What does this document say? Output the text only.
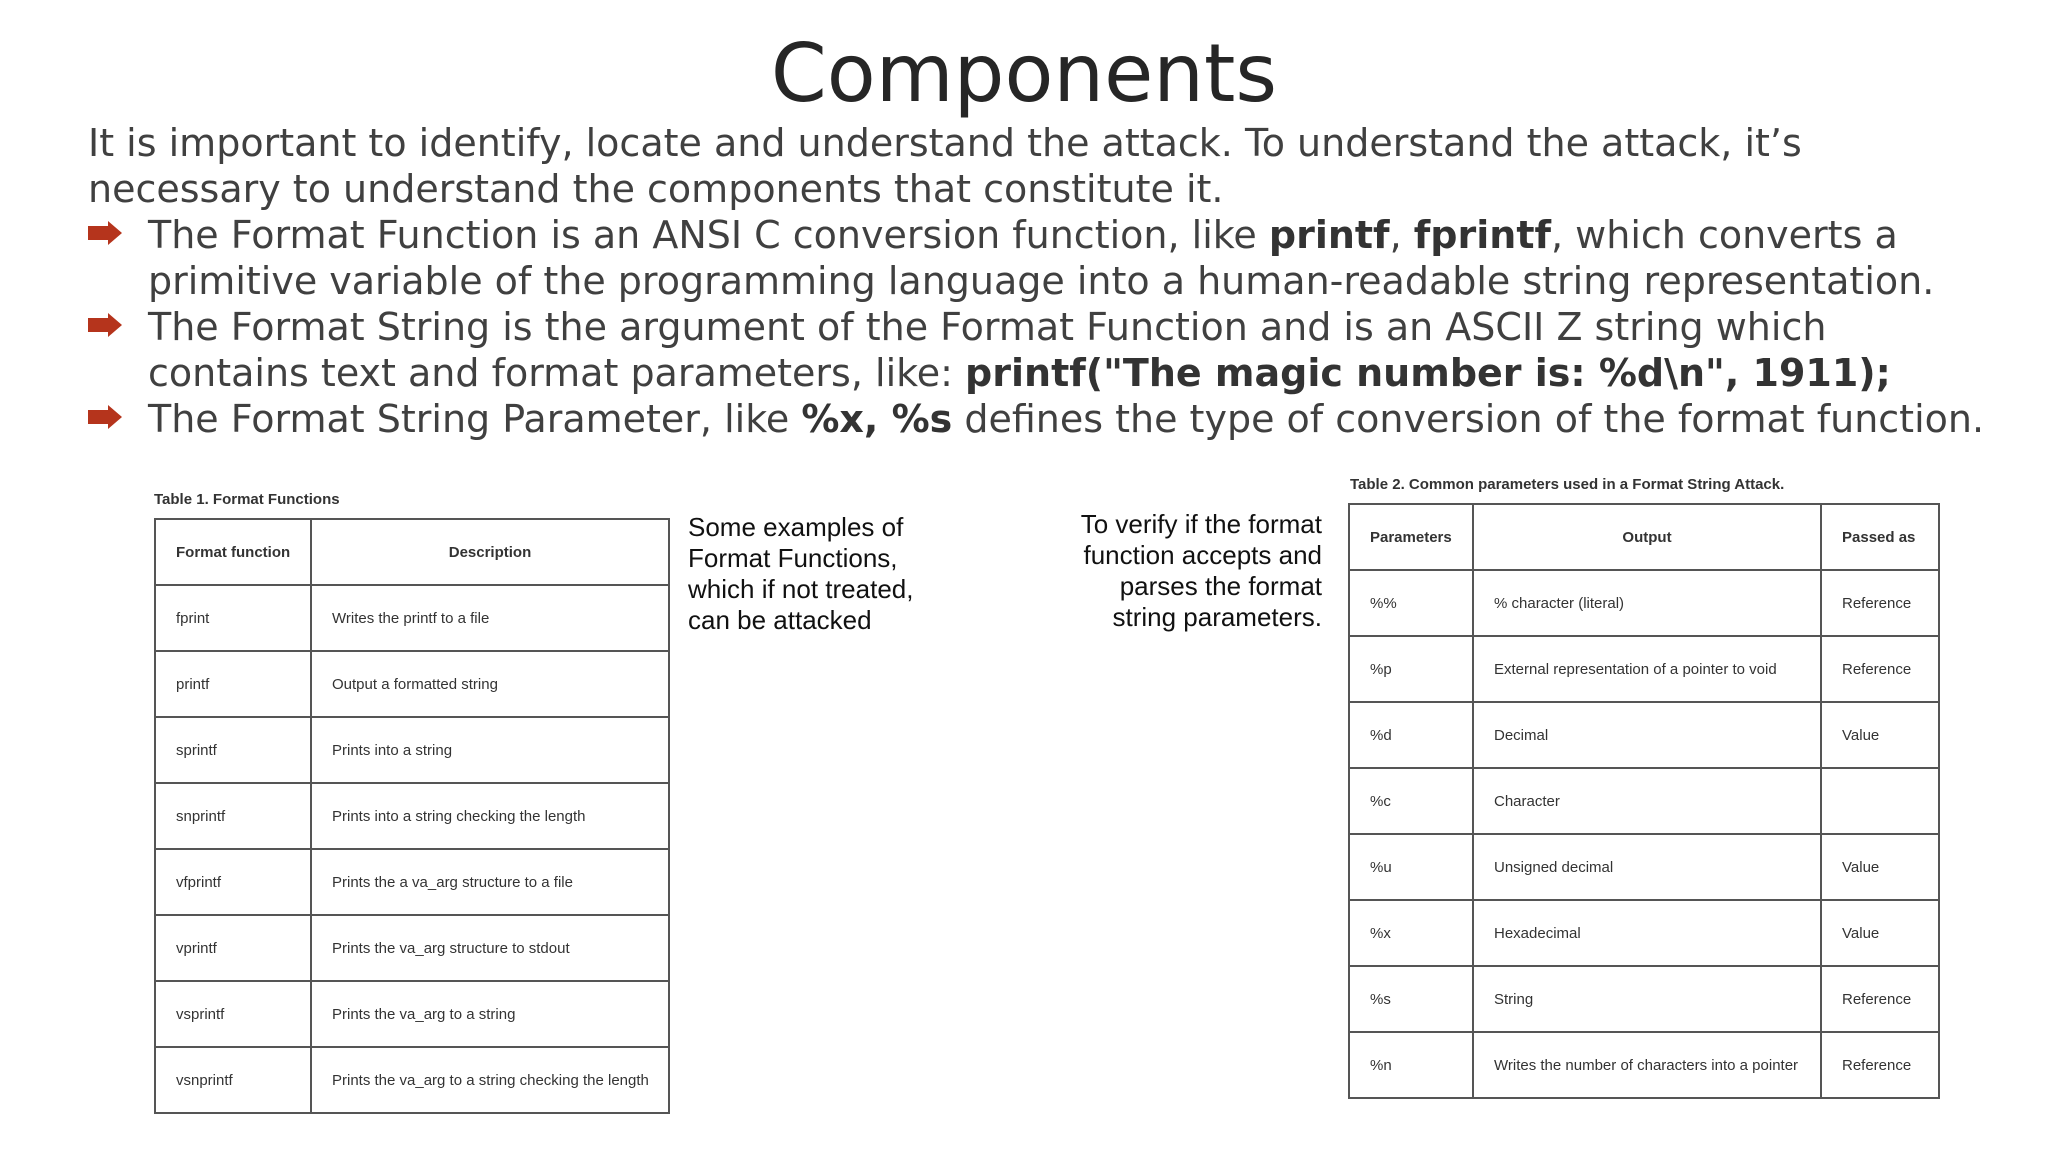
Components
It is important to identify, locate and understand the attack. To understand the attack, it’s necessary to understand the components that constitute it.
The Format Function is an ANSI C conversion function, like printf, fprintf, which converts a primitive variable of the programming language into a human-readable string representation.
The Format String is the argument of the Format Function and is an ASCII Z string which contains text and format parameters, like: printf("The magic number is: %d\n", 1911);
The Format String Parameter, like %x, %s defines the type of conversion of the format function.
Table 1. Format Functions
Format function	Description
fprint	Writes the printf to a file
printf	Output a formatted string
sprintf	Prints into a string
snprintf	Prints into a string checking the length
vfprintf	Prints the a va_arg structure to a file
vprintf	Prints the va_arg structure to stdout
vsprintf	Prints the va_arg to a string
vsnprintf	Prints the va_arg to a string checking the length
Some examples of
Format Functions,
which if not treated,
can be attacked
To verify if the format
function accepts and
parses the format
string parameters.
Table 2. Common parameters used in a Format String Attack.
Parameters	Output	Passed as
%%	% character (literal)	Reference
%p	External representation of a pointer to void	Reference
%d	Decimal	Value
%c	Character	
%u	Unsigned decimal	Value
%x	Hexadecimal	Value
%s	String	Reference
%n	Writes the number of characters into a pointer	Reference
